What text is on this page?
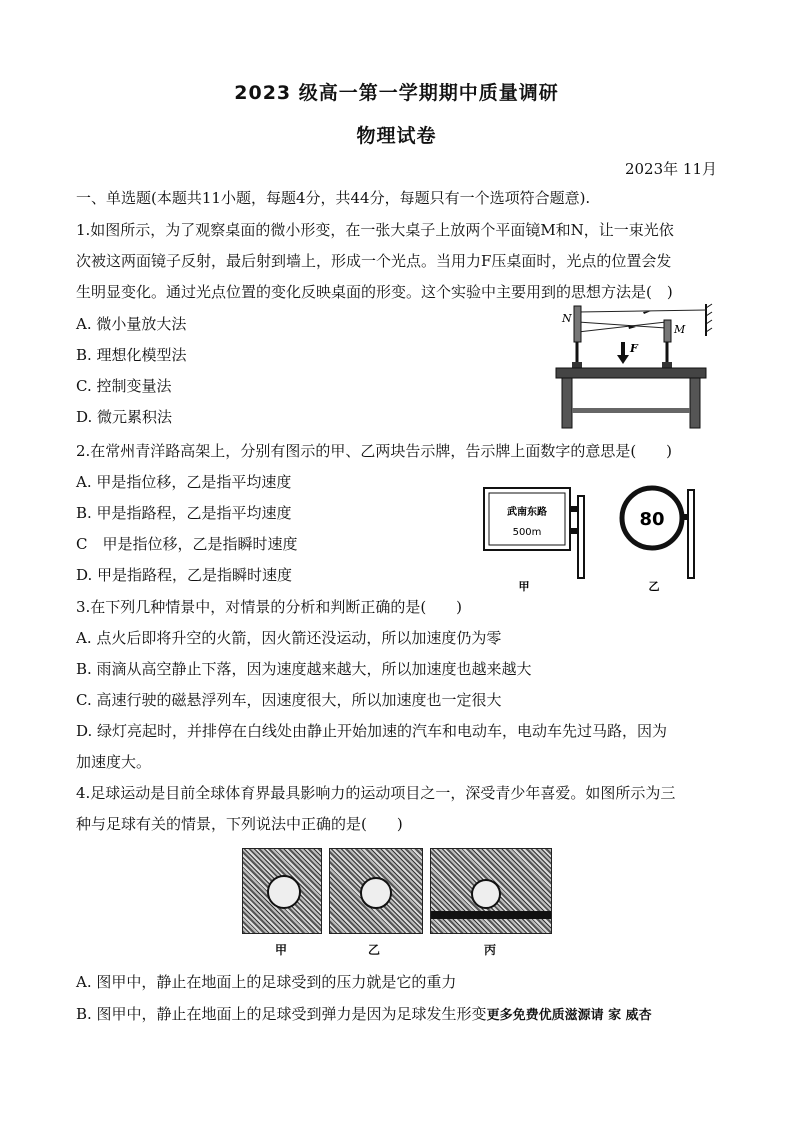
2023 级高一第一学期期中质量调研
物理试卷
2023年 11月
一、单选题(本题共11小题，每题4分，共44分，每题只有一个选项符合题意).
1.如图所示，为了观察桌面的微小形变，在一张大桌子上放两个平面镜M和N，让一束光依
次被这两面镜子反射，最后射到墙上，形成一个光点。当用力F压桌面时，光点的位置会发
生明显变化。通过光点位置的变化反映桌面的形变。这个实验中主要用到的思想方法是(　)
A. 微小量放大法
B. 理想化模型法
C. 控制变量法
D. 微元累积法
N
M
F
2.在常州青洋路高架上，分别有图示的甲、乙两块告示牌，告示牌上面数字的意思是(　　)
A. 甲是指位移，乙是指平均速度
B. 甲是指路程，乙是指平均速度
C　甲是指位移，乙是指瞬时速度
D. 甲是指路程，乙是指瞬时速度
武南东路
500m
甲
80
乙
3.在下列几种情景中，对情景的分析和判断正确的是(　　)
A. 点火后即将升空的火箭，因火箭还没运动，所以加速度仍为零
B. 雨滴从高空静止下落，因为速度越来越大，所以加速度也越来越大
C. 高速行驶的磁悬浮列车，因速度很大，所以加速度也一定很大
D. 绿灯亮起时，并排停在白线处由静止开始加速的汽车和电动车，电动车先过马路，因为
加速度大。
4.足球运动是目前全球体育界最具影响力的运动项目之一，深受青少年喜爱。如图所示为三
种与足球有关的情景，下列说法中正确的是(　　)
甲	乙	丙
A. 图甲中，静止在地面上的足球受到的压力就是它的重力
B. 图甲中，静止在地面上的足球受到弹力是因为足球发生形变更多免费优质滋源请 家 威杏
